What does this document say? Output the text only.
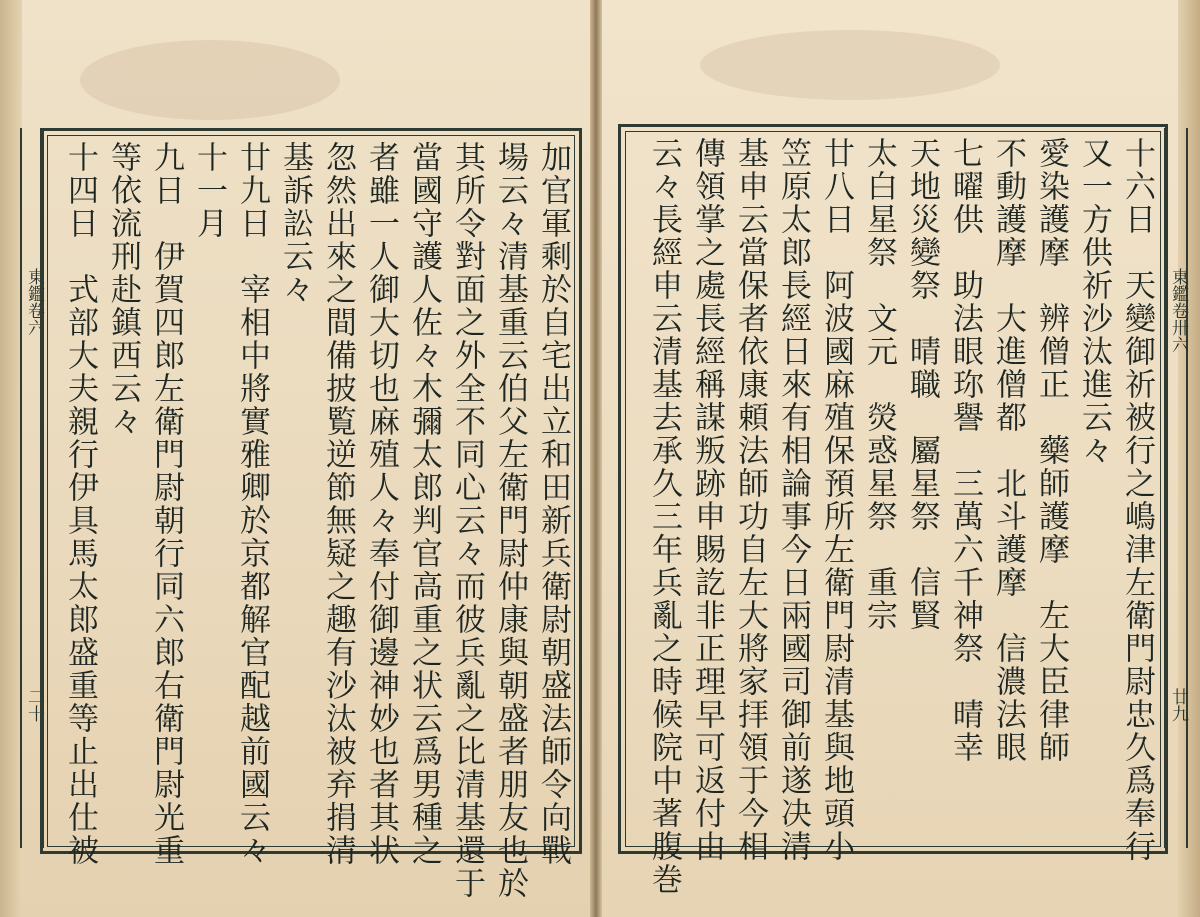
東鑑卷六
二十
東鑑卷卅六
廿九
加官軍剩於自宅出立和田新兵衛尉朝盛法師令向戰
場云々清基重云伯父左衛門尉仲康與朝盛者朋友也於
其所令對面之外全不同心云々而彼兵亂之比清基還于
當國守護人佐々木彌太郎判官高重之状云爲男種之
者雖一人御大切也麻殖人々奉付御邊神妙也者其状
忽然出來之間備披覧逆節無疑之趣有沙汰被弃捐清
基訴訟云々
廿九日　宰相中將實雅卿於京都解官配越前國云々
十一月
九日　伊賀四郎左衛門尉朝行同六郎右衛門尉光重
等依流刑赴鎮西云々
十四日　式部大夫親行伊具馬太郎盛重等止出仕被	十六日　天變御祈被行之嶋津左衛門尉忠久爲奉行
又一方供祈沙汰進云々
愛染護摩　辨僧正　藥師護摩　左大臣律師
不動護摩　大進僧都　北斗護摩　信濃法眼
七曜供　助法眼珎譽　三萬六千神祭　晴幸
天地災變祭　晴職　屬星祭　信賢
太白星祭　文元　熒惑星祭　重宗
廿八日　阿波國麻殖保預所左衛門尉清基與地頭小
笠原太郎長經日來有相論事今日兩國司御前遂决清
基申云當保者依康頼法師功自左大將家拝領于今相
傳領掌之處長經稱謀叛跡申賜訖非正理早可返付由
云々長經申云清基去承久三年兵亂之時候院中著腹巻
